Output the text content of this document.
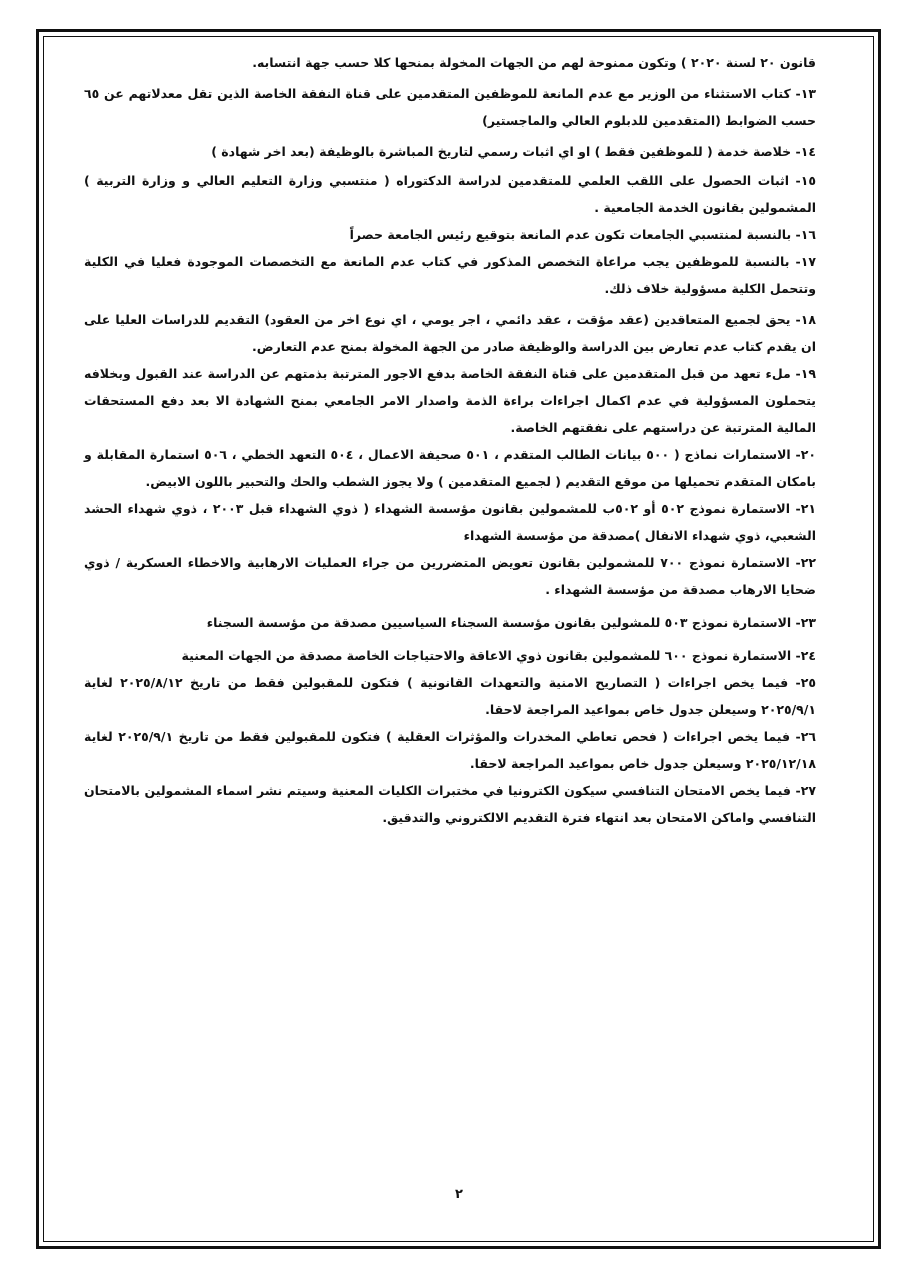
قانون ٢٠ لسنة ٢٠٢٠ ) وتكون ممنوحة لهم من الجهات المخولة بمنحها كلا حسب جهة انتسابه.

١٣- كتاب الاستثناء من الوزير مع عدم المانعة للموظفين المتقدمين على قناة النفقة الخاصة الذين تقل معدلاتهم عن ٦٥ حسب الضوابط (المتقدمين للدبلوم العالي والماجستير)

١٤- خلاصة خدمة ( للموظفين فقط ) او اي اثبات رسمي لتاريخ المباشرة بالوظيفة (بعد اخر شهادة )

١٥- اثبات الحصول على اللقب العلمي للمتقدمين لدراسة الدكتوراه ( منتسبي وزارة التعليم العالي و وزارة التربية ) المشمولين بقانون الخدمة الجامعية .

١٦- بالنسبة لمنتسبي الجامعات تكون عدم المانعة بتوقيع رئيس الجامعة حصراً

١٧- بالنسبة للموظفين يجب مراعاة التخصص المذكور في كتاب عدم المانعة مع التخصصات الموجودة فعليا في الكلية وتتحمل الكلية مسؤولية خلاف ذلك.

١٨- يحق لجميع المتعاقدين (عقد مؤقت ، عقد دائمي ، اجر يومي ، اي نوع اخر من العقود) التقديم للدراسات العليا على ان يقدم كتاب عدم تعارض بين الدراسة والوظيفة صادر من الجهة المخولة بمنح عدم التعارض.

١٩- ملء تعهد من قبل المتقدمين على قناة النفقة الخاصة بدفع الاجور المترتبة بذمتهم عن الدراسة عند القبول وبخلافه يتحملون المسؤولية في عدم اكمال اجراءات براءة الذمة واصدار الامر الجامعي بمنح الشهادة الا بعد دفع المستحقات المالية المترتبة عن دراستهم على نفقتهم الخاصة.

٢٠- الاستمارات نماذج ( ٥٠٠ بيانات الطالب المتقدم ، ٥٠١ صحيفة الاعمال ، ٥٠٤ التعهد الخطي ، ٥٠٦ استمارة المقابلة و بامكان المتقدم تحميلها من موقع التقديم ( لجميع المتقدمين ) ولا يجوز الشطب والحك والتحبير باللون الابيض.

٢١- الاستمارة نموذج ٥٠٢ أو ٥٠٢ب للمشمولين بقانون مؤسسة الشهداء ( ذوي الشهداء قبل ٢٠٠٣ ، ذوي شهداء الحشد الشعبي، ذوي شهداء الانفال )مصدقة من مؤسسة الشهداء

٢٢- الاستمارة نموذج ٧٠٠ للمشمولين بقانون تعويض المتضررين من جراء العمليات الارهابية والاخطاء العسكرية / ذوي ضحايا الارهاب مصدقة من مؤسسة الشهداء .

٢٣- الاستمارة نموذج ٥٠٣ للمشولين بقانون مؤسسة السجناء السياسيين مصدقة من مؤسسة السجناء

٢٤- الاستمارة نموذج ٦٠٠ للمشمولين بقانون ذوي الاعاقة والاحتياجات الخاصة مصدقة من الجهات المعنية

٢٥- فيما يخص اجراءات ( التصاريح الامنية والتعهدات القانونية ) فتكون للمقبولين فقط من تاريخ ٢٠٢٥/٨/١٢ لغاية ٢٠٢٥/٩/١ وسيعلن جدول خاص بمواعيد المراجعة لاحقا.

٢٦- فيما يخص اجراءات ( فحص تعاطي المخدرات والمؤثرات العقلية ) فتكون للمقبولين فقط من تاريخ ٢٠٢٥/٩/١ لغاية ٢٠٢٥/١٢/١٨ وسيعلن جدول خاص بمواعيد المراجعة لاحقا.

٢٧- فيما يخص الامتحان التنافسي سيكون الكترونيا في مختبرات الكليات المعنية وسيتم نشر اسماء المشمولين بالامتحان التنافسي واماكن الامتحان بعد انتهاء فترة التقديم الالكتروني والتدقيق.

٢
